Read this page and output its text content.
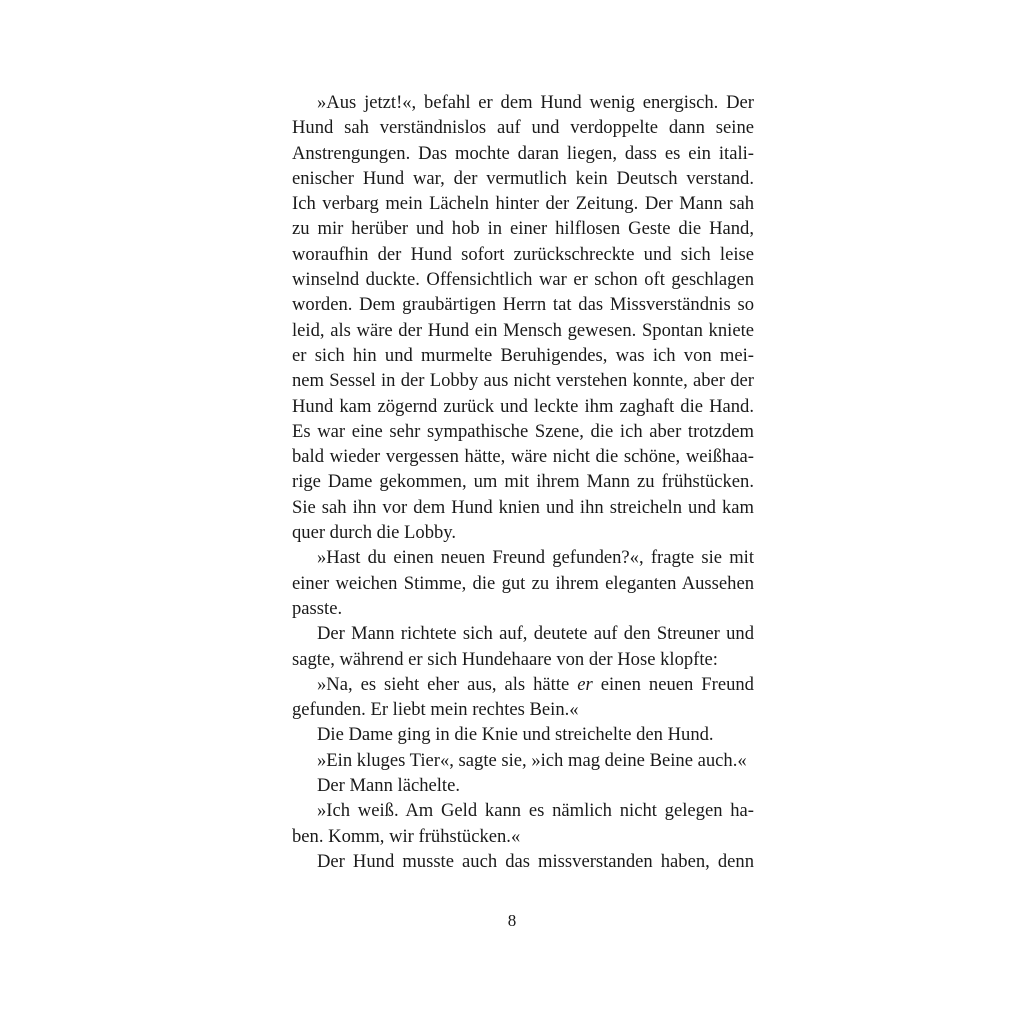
»Aus jetzt!«, befahl er dem Hund wenig energisch. Der
Hund sah verständnislos auf und verdoppelte dann seine
Anstrengungen. Das mochte daran liegen, dass es ein itali-
enischer Hund war, der vermutlich kein Deutsch verstand.
Ich verbarg mein Lächeln hinter der Zeitung. Der Mann sah
zu mir herüber und hob in einer hilflosen Geste die Hand,
woraufhin der Hund sofort zurückschreckte und sich leise
winselnd duckte. Offensichtlich war er schon oft geschlagen
worden. Dem graubärtigen Herrn tat das Missverständnis so
leid, als wäre der Hund ein Mensch gewesen. Spontan kniete
er sich hin und murmelte Beruhigendes, was ich von mei-
nem Sessel in der Lobby aus nicht verstehen konnte, aber der
Hund kam zögernd zurück und leckte ihm zaghaft die Hand.
Es war eine sehr sympathische Szene, die ich aber trotzdem
bald wieder vergessen hätte, wäre nicht die schöne, weißhaa-
rige Dame gekommen, um mit ihrem Mann zu frühstücken.
Sie sah ihn vor dem Hund knien und ihn streicheln und kam
quer durch die Lobby.
»Hast du einen neuen Freund gefunden?«, fragte sie mit
einer weichen Stimme, die gut zu ihrem eleganten Aussehen
passte.
Der Mann richtete sich auf, deutete auf den Streuner und
sagte, während er sich Hundehaare von der Hose klopfte:
»Na, es sieht eher aus, als hätte er einen neuen Freund
gefunden. Er liebt mein rechtes Bein.«
Die Dame ging in die Knie und streichelte den Hund.
»Ein kluges Tier«, sagte sie, »ich mag deine Beine auch.«
Der Mann lächelte.
»Ich weiß. Am Geld kann es nämlich nicht gelegen ha-
ben. Komm, wir frühstücken.«
Der Hund musste auch das missverstanden haben, denn
8
